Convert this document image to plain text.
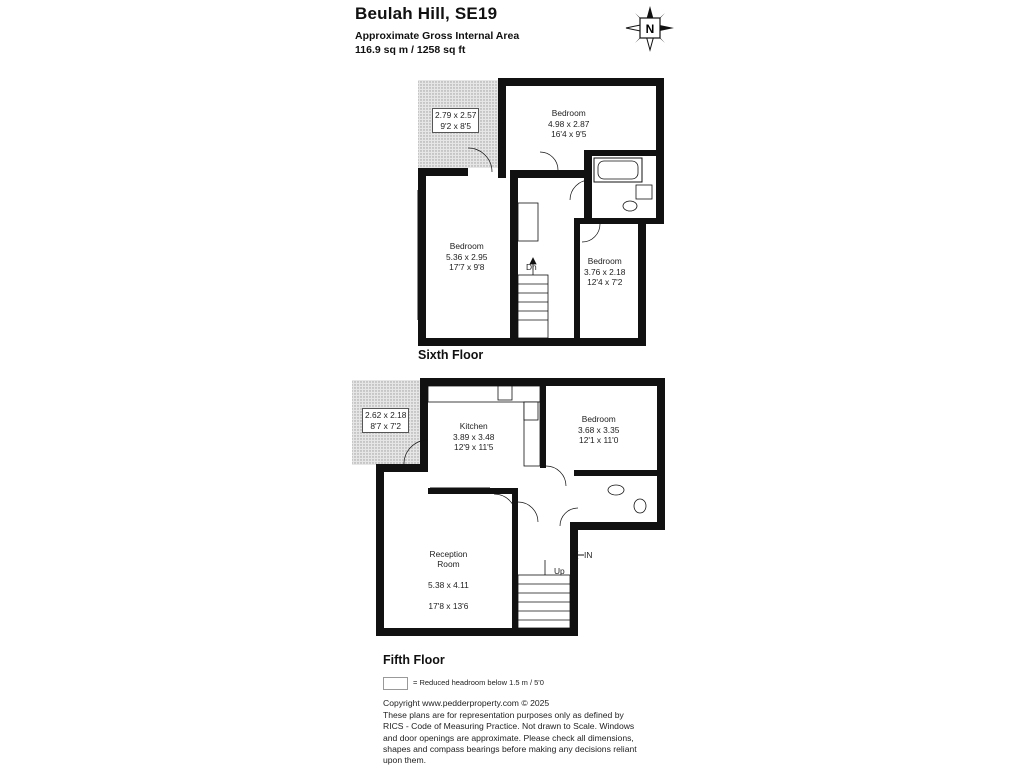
Beulah Hill, SE19
Approximate Gross Internal Area
116.9 sq m / 1258 sq ft
N
2.79 x 2.57
9'2 x 8'5
Bedroom
4.98 x 2.87
16'4 x 9'5
Bedroom
5.36 x 2.95
17'7 x 9'8
Bedroom
3.76 x 2.18
12'4 x 7'2
Dn
Sixth Floor
2.62 x 2.18
8'7 x 7'2	Kitchen
3.89 x 3.48
12'9 x 11'5
Bedroom
3.68 x 3.35
12'1 x 11'0

Reception
Room

5.38 x 4.11

17'8 x 13'6

Up
IN
Fifth Floor
= Reduced headroom below 1.5 m / 5'0
Copyright www.pedderproperty.com © 2025
These plans are for representation purposes only as defined by
RICS - Code of Measuring Practice. Not drawn to Scale. Windows
and door openings are approximate. Please check all dimensions,
shapes and compass bearings before making any decisions reliant
upon them.
